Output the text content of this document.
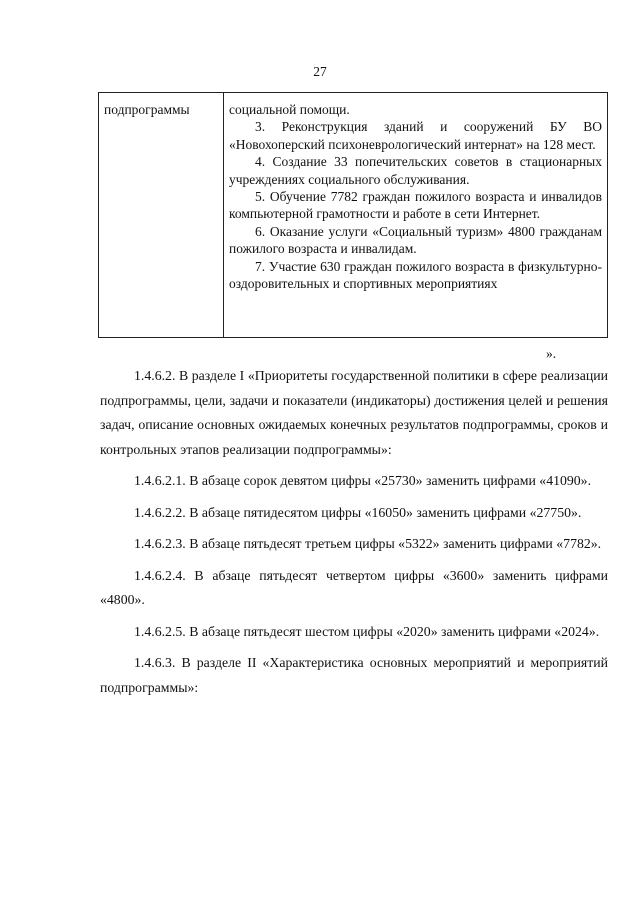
27
подпрограммы	социальной помощи.

3. Реконструкция зданий и сооружений БУ ВО «Новохоперский психоневрологический интернат» на 128 мест.

4. Создание 33 попечительских советов в стационарных учреждениях социального обслуживания.

5. Обучение 7782 граждан пожилого возраста и инвалидов компьютерной грамотности и работе в сети Интернет.

6. Оказание услуги «Социальный туризм» 4800 гражданам пожилого возраста и инвалидам.

7. Участие 630 граждан пожилого возраста в физкультурно-оздоровительных и спортивных мероприятиях

».

1.4.6.2. В разделе I «Приоритеты государственной политики в сфере реализации подпрограммы, цели, задачи и показатели (индикаторы) достижения целей и решения задач, описание основных ожидаемых конечных результатов подпрограммы, сроков и контрольных этапов реализации подпрограммы»:

1.4.6.2.1. В абзаце сорок девятом цифры «25730» заменить цифрами «41090».

1.4.6.2.2. В абзаце пятидесятом цифры «16050» заменить цифрами «27750».

1.4.6.2.3. В абзаце пятьдесят третьем цифры «5322» заменить цифрами «7782».

1.4.6.2.4. В абзаце пятьдесят четвертом цифры «3600» заменить цифрами «4800».

1.4.6.2.5. В абзаце пятьдесят шестом цифры «2020» заменить цифрами «2024».

1.4.6.3. В разделе II «Характеристика основных мероприятий и мероприятий подпрограммы»:
